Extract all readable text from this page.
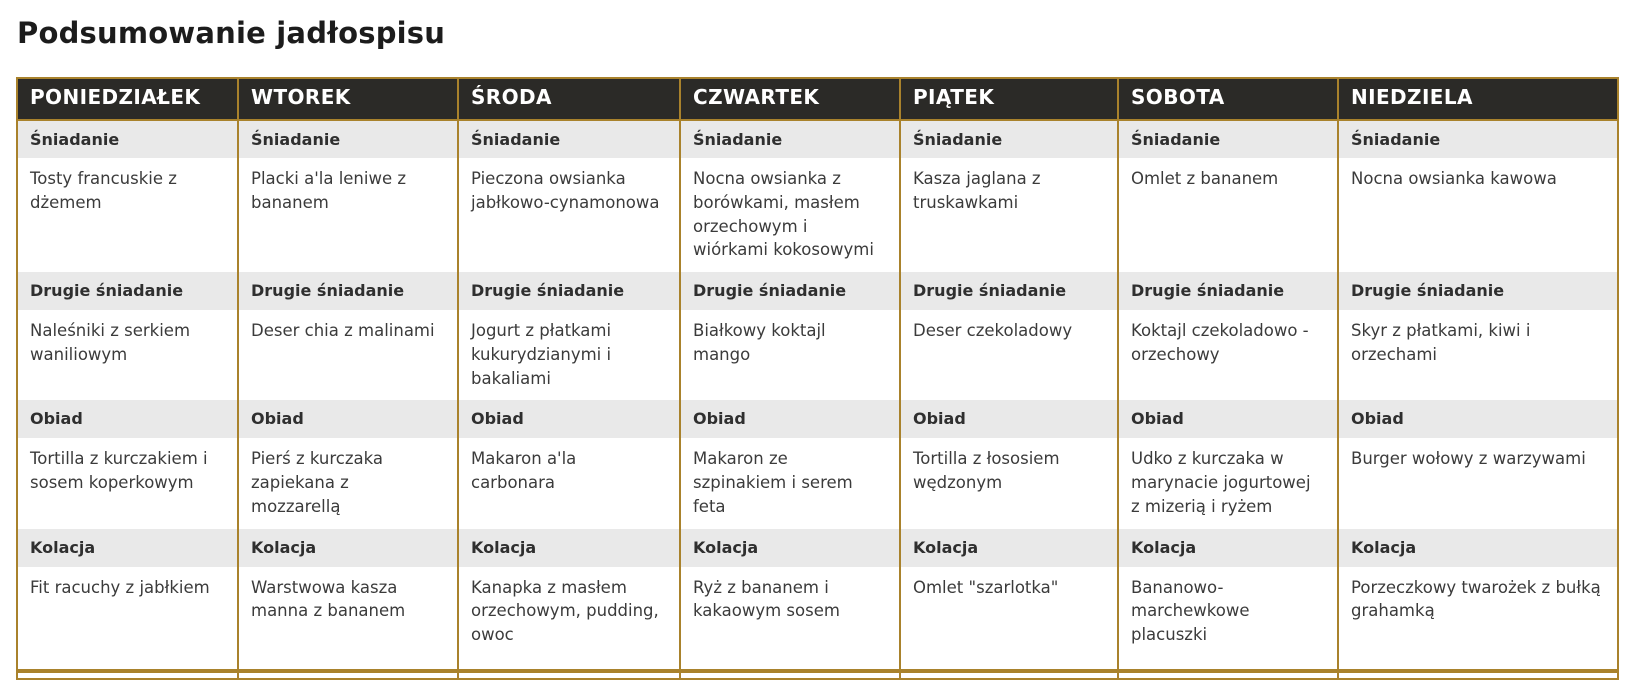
Podsumowanie jadłospisu
PONIEDZIAŁEK	WTOREK	ŚRODA	CZWARTEK	PIĄTEK	SOBOTA	NIEDZIELA
Śniadanie	Śniadanie	Śniadanie	Śniadanie	Śniadanie	Śniadanie	Śniadanie
Tosty francuskie z dżemem	Placki a'la leniwe z bananem	Pieczona owsianka jabłkowo-cynamonowa	Nocna owsianka z borówkami, masłem orzechowym i wiórkami kokosowymi	Kasza jaglana z truskawkami	Omlet z bananem	Nocna owsianka kawowa
Drugie śniadanie	Drugie śniadanie	Drugie śniadanie	Drugie śniadanie	Drugie śniadanie	Drugie śniadanie	Drugie śniadanie
Naleśniki z serkiem waniliowym	Deser chia z malinami	Jogurt z płatkami kukurydzianymi i bakaliami	Białkowy koktajl mango	Deser czekoladowy	Koktajl czekoladowo - orzechowy	Skyr z płatkami, kiwi i orzechami
Obiad	Obiad	Obiad	Obiad	Obiad	Obiad	Obiad
Tortilla z kurczakiem i sosem koperkowym	Pierś z kurczaka zapiekana z mozzarellą	Makaron a'la carbonara	Makaron ze szpinakiem i serem feta	Tortilla z łososiem wędzonym	Udko z kurczaka w marynacie jogurtowej z mizerią i ryżem	Burger wołowy z warzywami
Kolacja	Kolacja	Kolacja	Kolacja	Kolacja	Kolacja	Kolacja
Fit racuchy z jabłkiem	Warstwowa kasza manna z bananem	Kanapka z masłem orzechowym, pudding, owoc	Ryż z bananem i kakaowym sosem	Omlet "szarlotka"	Bananowo-marchewkowe placuszki	Porzeczkowy twarożek z bułką grahamką
